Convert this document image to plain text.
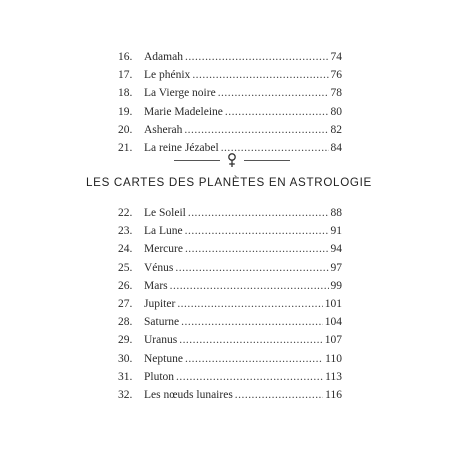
16.	Adamah . . .	74
17.	Le phénix . . .	76
18.	La Vierge noire . . .	78
19.	Marie Madeleine . . .	80
20.	Asherah . . .	82
21.	La reine Jézabel . . .	84
LES CARTES DES PLANÈTES EN ASTROLOGIE
22.	Le Soleil . . .	88
23.	La Lune . . .	91
24.	Mercure . . .	94
25.	Vénus . . .	97
26.	Mars . . .	99
27.	Jupiter . . .	101
28.	Saturne . . .	104
29.	Uranus . . .	107
30.	Neptune . . .	110
31.	Pluton . . .	113
32.	Les nœuds lunaires . . .	116
